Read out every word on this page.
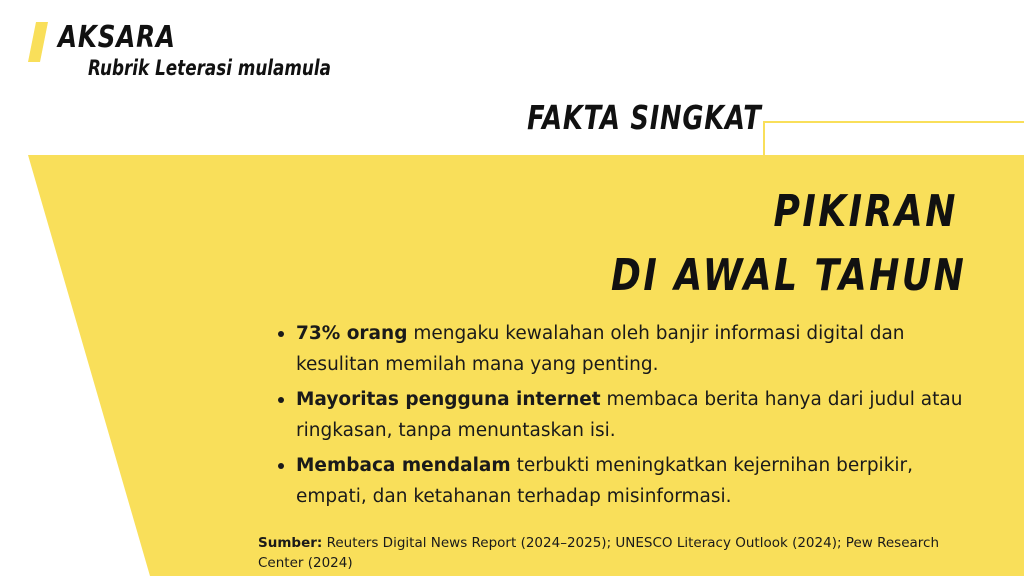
AKSARA
Rubrik Leterasi mulamula
FAKTA SINGKAT
PIKIRAN
DI AWAL TAHUN
73% orang mengaku kewalahan oleh banjir informasi digital dan kesulitan memilah mana yang penting.
Mayoritas pengguna internet membaca berita hanya dari judul atau ringkasan, tanpa menuntaskan isi.
Membaca mendalam terbukti meningkatkan kejernihan berpikir, empati, dan ketahanan terhadap misinformasi.
Sumber: Reuters Digital News Report (2024–2025); UNESCO Literacy Outlook (2024); Pew Research Center (2024)
